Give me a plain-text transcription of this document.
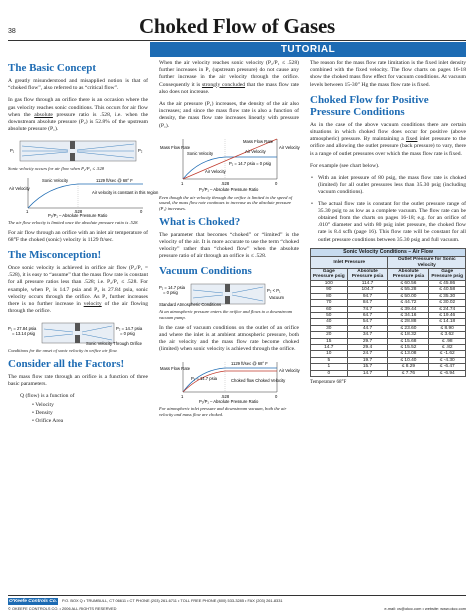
38	Choked Flow of Gases
TUTORIAL
The Basic Concept

A greatly misunderstood and misapplied notion is that of “choked flow”, also referred to as “critical flow”.

In gas flow through an orifice there is an occasion where the gas velocity reaches sonic conditions. This occurs for air flow when the absolute pressure ratio is .528, i.e. when the downstream absolute pressure (P₂) is 52.8% of the upstream absolute pressure (P₁).

P₁	P₂
Sonic velocity occurs for air flow when P₂/P₁ ≤ .528
Air Velocity
Sonic Velocity	1129 ft/sec @ 68° F
Air velocity is constant in this region
1	.528	0
P₂/P₁ – Absolute Pressure Ratio
The air flow velocity is limited once the absolute pressure ratio is .528.

For air flow through an orifice with an inlet air temperature of 68°F the choked (sonic) velocity is 1129 ft/sec.

The Misconception!

Once sonic velocity is achieved in orifice air flow (P₂/P₁ = .528), it is easy to “assume” that the mass flow rate is constant for all pressure ratios less than .528; i.e. P₂/P₁ ≤ .528. For example, when P₁ is 14.7 psia and P₂ is 27.84 psia, sonic velocity occurs through the orifice. As P₁ further increases there is no further increase in velocity of the air flowing through the orifice.

P₁ = 27.84 psia
= 13.14 psig
P₂ = 14.7 psia
= 0 psig
Sonic Velocity Through Orifice
Conditions for the onset of sonic velocity in orifice air flow.
Consider all the Factors!

The mass flow rate through an orifice is a function of three basic parameters.

Q (flow) is a function of
• Velocity
• Density
• Orifice Area

When the air velocity reaches sonic velocity (P₂/P₁ ≤ .528) further increases in P₁ (upstream pressure) do not cause any further increase in the air velocity through the orifice. Consequently it is strongly concluded that the mass flow rate also does not increase.

As the air pressure (P₁) increases, the density of the air also increases; and since the mass flow rate is also a function of density, the mass flow rate increases linearly with pressure (P₁).

Mass Flow Rate
Sonic Velocity
Mass Flow Rate
Air Velocity
P₁ = 14.7 psia = 0 psig
Air Velocity
Air Velocity
1	.528	0
P₂/P₁ – Absolute Pressure Ratio
Even though the air velocity through the orifice is limited to the speed of sound, the mass flow rate continues to increase as the absolute pressure (P₁) increases.
What is Choked?

The parameter that becomes “choked” or “limited” is the velocity of the air. It is more accurate to use the term “choked velocity” rather than “choked flow” when the absolute pressure ratio of air through an orifice is ≤ .528.

Vacuum Conditions
P₁ = 14.7 psia
= 0 psig
Standard Atmospheric Conditions
P₂ < P₁
Vacuum
At an atmospheric pressure enters the orifice and flows to a downstream vacuum pump.

In the case of vacuum conditions on the outlet of an orifice and where the inlet is at ambient atmospheric pressure, both the air velocity and the mass flow rate become choked (limited) when sonic velocity is achieved through the orifice.

Mass Flow Rate
1129 ft/sec @ 68° F
Air Velocity
P₁ = 14.7 psia	Choked flow Choked Velocity
1	.528	0
P₂/P₁ – Absolute Pressure Ratio
For atmospheric inlet pressure and downstream vacuum, both the air velocity and mass flow are choked.

The reason for the mass flow rate limitation is the fixed inlet density combined with the fixed velocity. The flow charts on pages 16-18 show the choked mass flow effect for vacuum conditions. At vacuum levels between 15-30” Hg the mass flow rate is fixed.

Choked Flow for Positive Pressure Conditions

As in the case of the above vacuum conditions there are certain situations in which choked flow does occur for positive (above atmospheric) pressure. By maintaining a fixed inlet pressure to the orifice and allowing the outlet pressure (back pressure) to vary, there is a range of outlet pressures over which the mass flow rate is fixed.

For example (see chart below).

• With an inlet pressure of 80 psig, the mass flow rate is choked (limited) for all outlet pressures less than 35.30 psig (including vacuum conditions).
• The actual flow rate is constant for the outlet pressure range of 35.30 psig to as low as a complete vacuum. The flow rate can be obtained from the charts on pages 16-18; e.g. for an orifice of .010” diameter and with 80 psig inlet pressure, the choked flow rate is 8.4 scfh (page 16). This flow rate will be constant for all outlet pressure conditions between 35.30 psig and full vacuum.
Sonic Velocity Conditions – Air Flow			
Inlet Pressure		Outlet Pressure for Sonic Velocity	
Gage Pressure psig	Absolute Pressure psia	Absolute Pressure psia	Gage Pressure psig
100	114.7	≤ 60.56	≤ 45.86
90	104.7	≤ 55.28	≤ 40.58
80	94.7	≤ 50.00	≤ 35.30
70	84.7	≤ 44.72	≤ 30.02
60	74.7	≤ 39.44	≤ 24.74
50	64.7	≤ 34.16	≤ 19.46
40	54.7	≤ 28.88	≤ 14.18
30	44.7	≤ 23.60	≤ 8.90
20	34.7	≤ 18.32	≤ 3.62
15	29.7	≤ 15.68	≤ .98
14.7	29.4	≤ 15.52	≤ .82
10	24.7	≤ 13.08	≤ -1.62
5	19.7	≤ 10.40	≤ -4.30
1	15.7	≤ 8.29	≤ -6.47
0	14.7	≤ 7.76	≤ -6.94
Temperature 68°F
O'Keefe Controls Co. P.O. BOX Q • TRUMBULL, CT 06611 • CT PHONE (203) 261-6711 • TOLL FREE PHONE (800) 533-3285 • FAX (203) 261-8331
© OKEEFE CONTROLS CO. • 2006 ALL RIGHTS RESERVED	e-mail: cs@okcc.com • website: www.okcc.com
